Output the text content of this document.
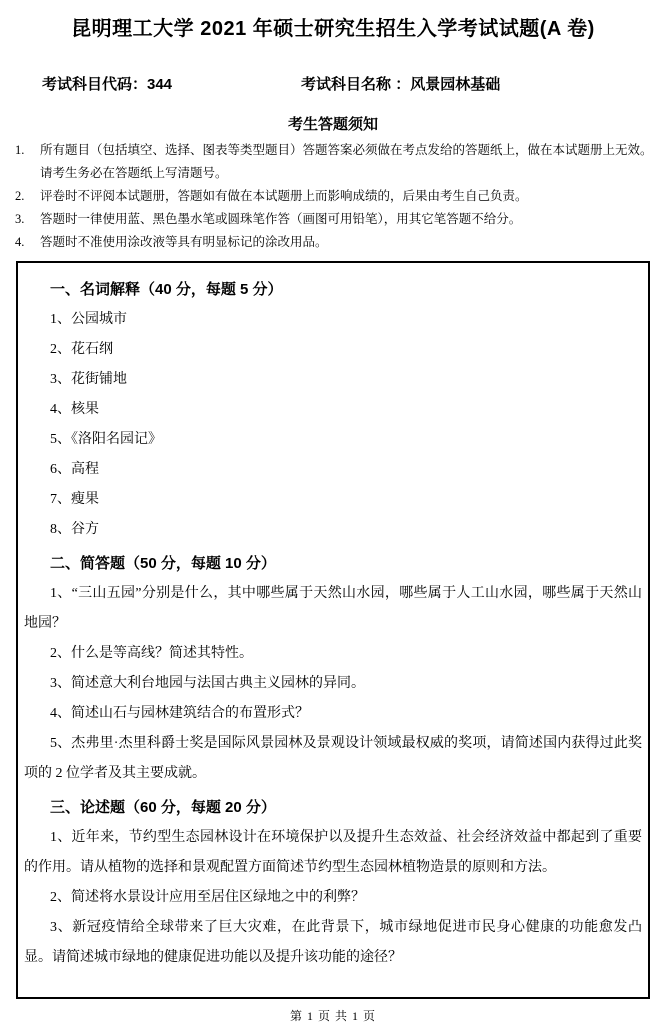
昆明理工大学 2021 年硕士研究生招生入学考试试题(A 卷)
考试科目代码：344	考试科目名称 ：风景园林基础
考生答题须知
1.	所有题目（包括填空、选择、图表等类型题目）答题答案必须做在考点发给的答题纸上，做在本试题册上无效。请考生务必在答题纸上写清题号。
2.	评卷时不评阅本试题册，答题如有做在本试题册上而影响成绩的，后果由考生自己负责。
3.	答题时一律使用蓝、黑色墨水笔或圆珠笔作答（画图可用铅笔），用其它笔答题不给分。
4.	答题时不准使用涂改液等具有明显标记的涂改用品。

一、名词解释（40 分，每题 5 分）

1、公园城市

2、花石纲

3、花街铺地

4、核果

5、《洛阳名园记》

6、高程

7、瘦果

8、谷方

二、简答题（50 分，每题 10 分）

1、“三山五园”分别是什么，其中哪些属于天然山水园，哪些属于人工山水园，哪些属于天然山地园？

2、什么是等高线？简述其特性。

3、简述意大利台地园与法国古典主义园林的异同。

4、简述山石与园林建筑结合的布置形式？

5、杰弗里·杰里科爵士奖是国际风景园林及景观设计领域最权威的奖项，请简述国内获得过此奖项的 2 位学者及其主要成就。

三、论述题（60 分，每题 20 分）

1、近年来，节约型生态园林设计在环境保护以及提升生态效益、社会经济效益中都起到了重要的作用。请从植物的选择和景观配置方面简述节约型生态园林植物造景的原则和方法。

2、简述将水景设计应用至居住区绿地之中的利弊？

3、新冠疫情给全球带来了巨大灾难，在此背景下，城市绿地促进市民身心健康的功能愈发凸显。请简述城市绿地的健康促进功能以及提升该功能的途径？

第 1 页 共 1 页
